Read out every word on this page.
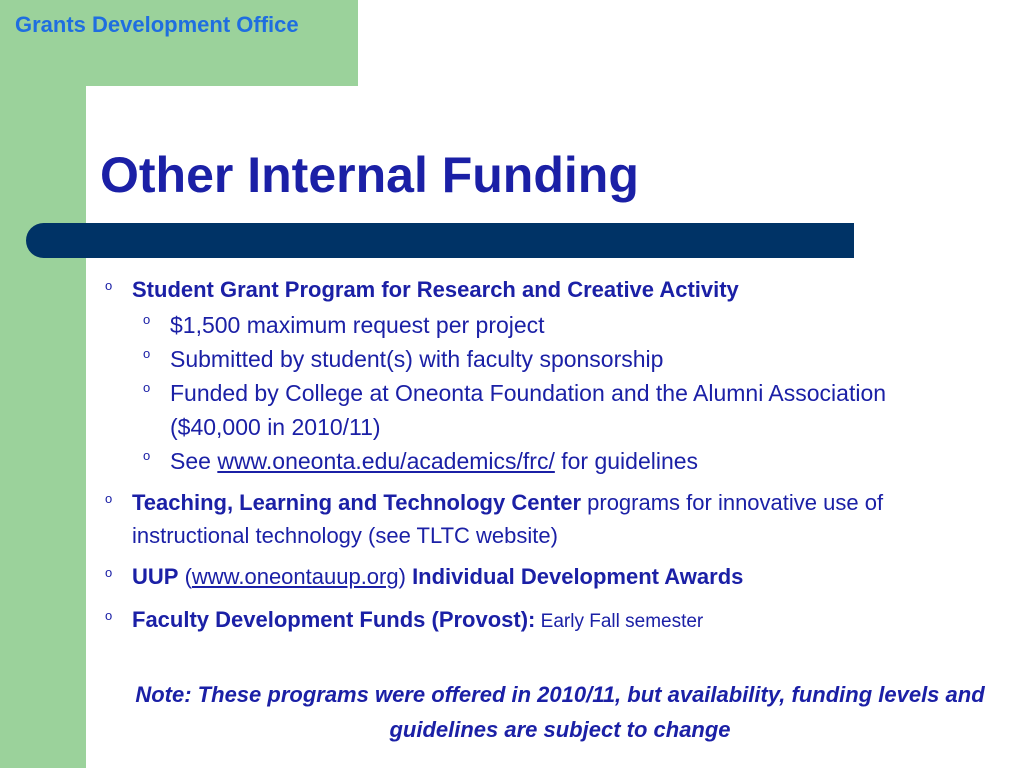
Grants Development Office
Other Internal Funding
o Student Grant Program for Research and Creative Activity
o $1,500 maximum request per project
o Submitted by student(s) with faculty sponsorship
o Funded by College at Oneonta Foundation and the Alumni Association ($40,000 in 2010/11)
o See www.oneonta.edu/academics/frc/ for guidelines
o Teaching, Learning and Technology Center programs for innovative use of instructional technology (see TLTC website)
o UUP (www.oneontauup.org) Individual Development Awards
o Faculty Development Funds (Provost): Early Fall semester
Note: These programs were offered in 2010/11, but availability, funding levels and guidelines are subject to change
